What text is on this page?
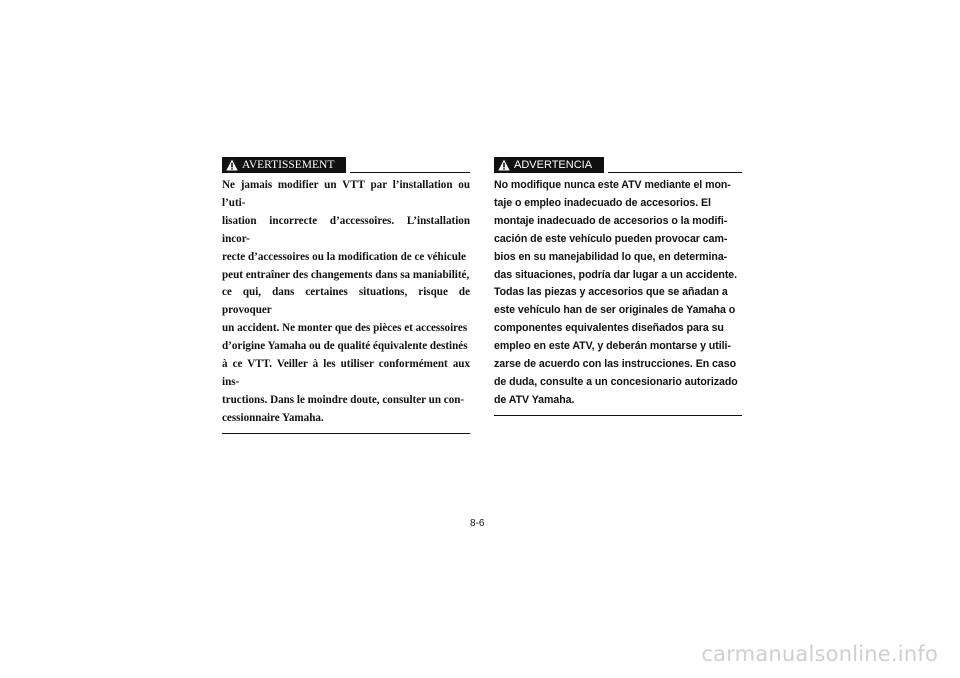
AVERTISSEMENT
Ne jamais modifier un VTT par l’installation ou l’uti-
lisation incorrecte d’accessoires. L’installation incor-
recte d’accessoires ou la modification de ce véhicule
peut entraîner des changements dans sa maniabilité,
ce qui, dans certaines situations, risque de provoquer
un accident. Ne monter que des pièces et accessoires
d’origine Yamaha ou de qualité équivalente destinés
à ce VTT. Veiller à les utiliser conformément aux ins-
tructions. Dans le moindre doute, consulter un con-
cessionnaire Yamaha.
ADVERTENCIA
No modifique nunca este ATV mediante el mon-
taje o empleo inadecuado de accesorios. El
montaje inadecuado de accesorios o la modifi-
cación de este vehículo pueden provocar cam-
bios en su manejabilidad lo que, en determina-
das situaciones, podría dar lugar a un accidente.
Todas las piezas y accesorios que se añadan a
este vehículo han de ser originales de Yamaha o
componentes equivalentes diseñados para su
empleo en este ATV, y deberán montarse y utili-
zarse de acuerdo con las instrucciones. En caso
de duda, consulte a un concesionario autorizado
de ATV Yamaha.
8-6
carmanualsonline.info
